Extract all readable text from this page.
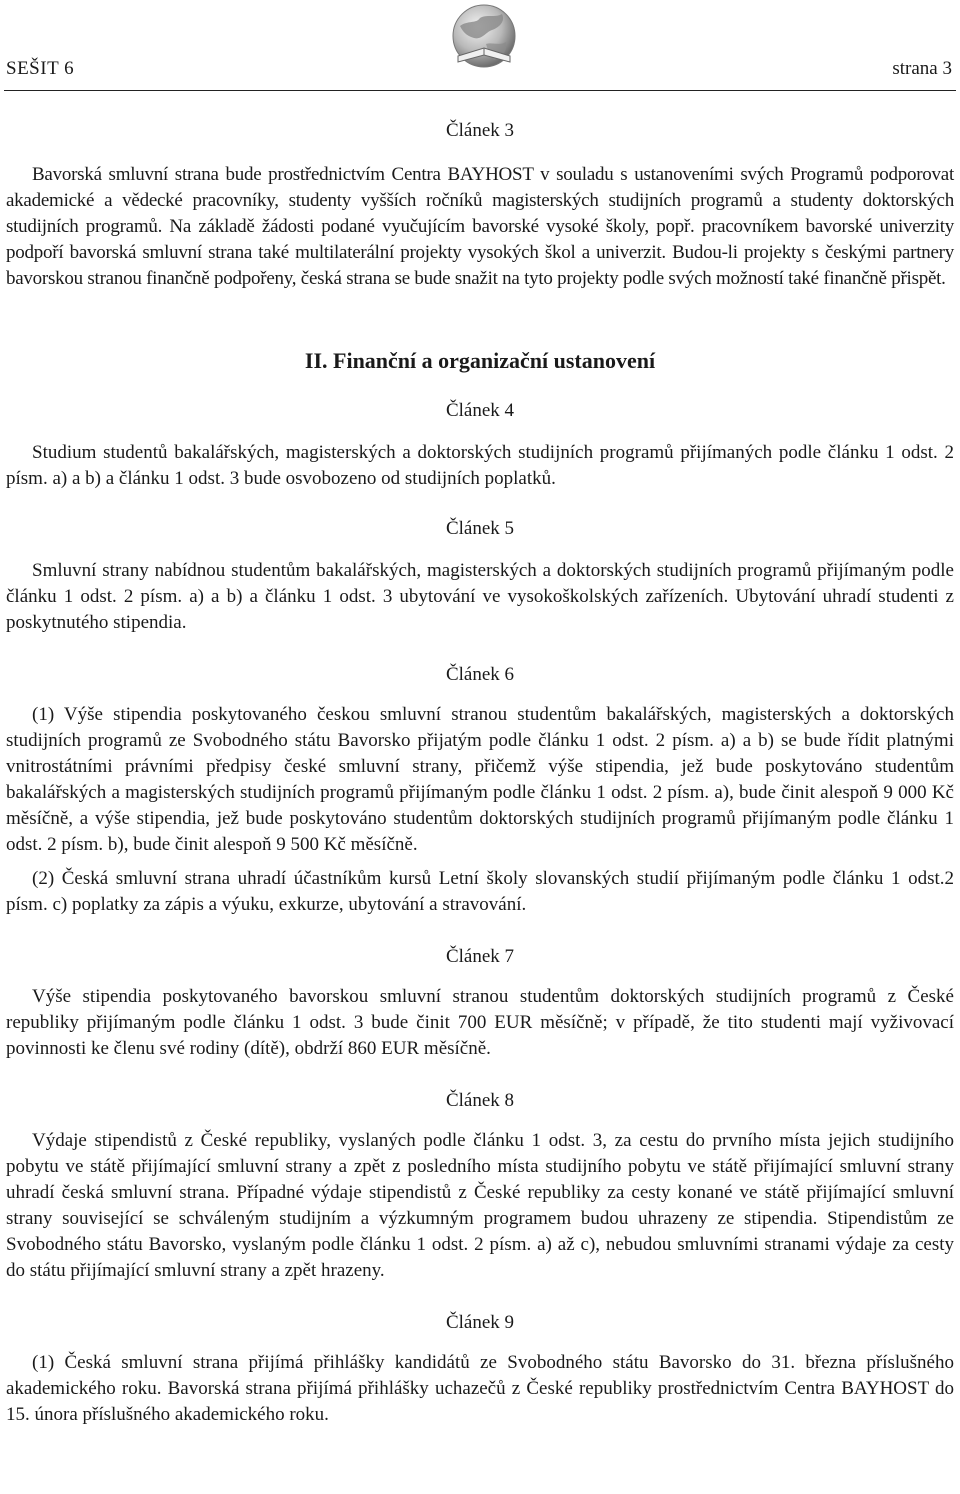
SEŠIT 6	strana 3
Článek 3

Bavorská smluvní strana bude prostřednictvím Centra BAYHOST v souladu s ustanoveními svých Programů podporovat akademické a vědecké pracovníky, studenty vyšších ročníků magisterských studijních programů a studenty doktorských studijních programů. Na základě žádosti podané vyučujícím bavorské vysoké školy, popř. pracovníkem bavorské univerzity podpoří bavorská smluvní strana také multilaterální projekty vysokých škol a univerzit. Budou-li projekty s českými partnery bavorskou stranou finančně podpořeny, česká strana se bude snažit na tyto projekty podle svých možností také finančně přispět.

II. Finanční a organizační ustanovení
Článek 4

Studium studentů bakalářských, magisterských a doktorských studijních programů přijímaných podle článku 1 odst. 2 písm. a) a b) a článku 1 odst. 3 bude osvobozeno od studijních poplatků.

Článek 5

Smluvní strany nabídnou studentům bakalářských, magisterských a doktorských studijních programů přijímaným podle článku 1 odst. 2 písm. a) a b) a článku 1 odst. 3 ubytování ve vysokoškolských zařízeních. Ubytování uhradí studenti z poskytnutého stipendia.

Článek 6

(1) Výše stipendia poskytovaného českou smluvní stranou studentům bakalářských, magisterských a doktorských studijních programů ze Svobodného státu Bavorsko přijatým podle článku 1 odst. 2 písm. a) a b) se bude řídit platnými vnitrostátními právními předpisy české smluvní strany, přičemž výše stipendia, jež bude poskytováno studentům bakalářských a magisterských studijních programů přijímaným podle článku 1 odst. 2 písm. a), bude činit alespoň 9 000 Kč měsíčně, a výše stipendia, jež bude poskytováno studentům doktorských studijních programů přijímaným podle článku 1 odst. 2 písm. b), bude činit alespoň 9 500 Kč měsíčně.

(2) Česká smluvní strana uhradí účastníkům kursů Letní školy slovanských studií přijímaným podle článku 1 odst.2 písm. c) poplatky za zápis a výuku, exkurze, ubytování a stravování.

Článek 7

Výše stipendia poskytovaného bavorskou smluvní stranou studentům doktorských studijních programů z České republiky přijímaným podle článku 1 odst. 3 bude činit 700 EUR měsíčně; v případě, že tito studenti mají vyživovací povinnosti ke členu své rodiny (dítě), obdrží 860 EUR měsíčně.

Článek 8

Výdaje stipendistů z České republiky, vyslaných podle článku 1 odst. 3, za cestu do prvního místa jejich studijního pobytu ve státě přijímající smluvní strany a zpět z posledního místa studijního pobytu ve státě přijímající smluvní strany uhradí česká smluvní strana. Případné výdaje stipendistů z České republiky za cesty konané ve státě přijímající smluvní strany související se schváleným studijním a výzkumným programem budou uhrazeny ze stipendia. Stipendistům ze Svobodného státu Bavorsko, vyslaným podle článku 1 odst. 2 písm. a) až c), nebudou smluvními stranami výdaje za cesty do státu přijímající smluvní strany a zpět hrazeny.

Článek 9

(1) Česká smluvní strana přijímá přihlášky kandidátů ze Svobodného státu Bavorsko do 31. března příslušného akademického roku. Bavorská strana přijímá přihlášky uchazečů z České republiky prostřednictvím Centra BAYHOST do 15. února příslušného akademického roku.
